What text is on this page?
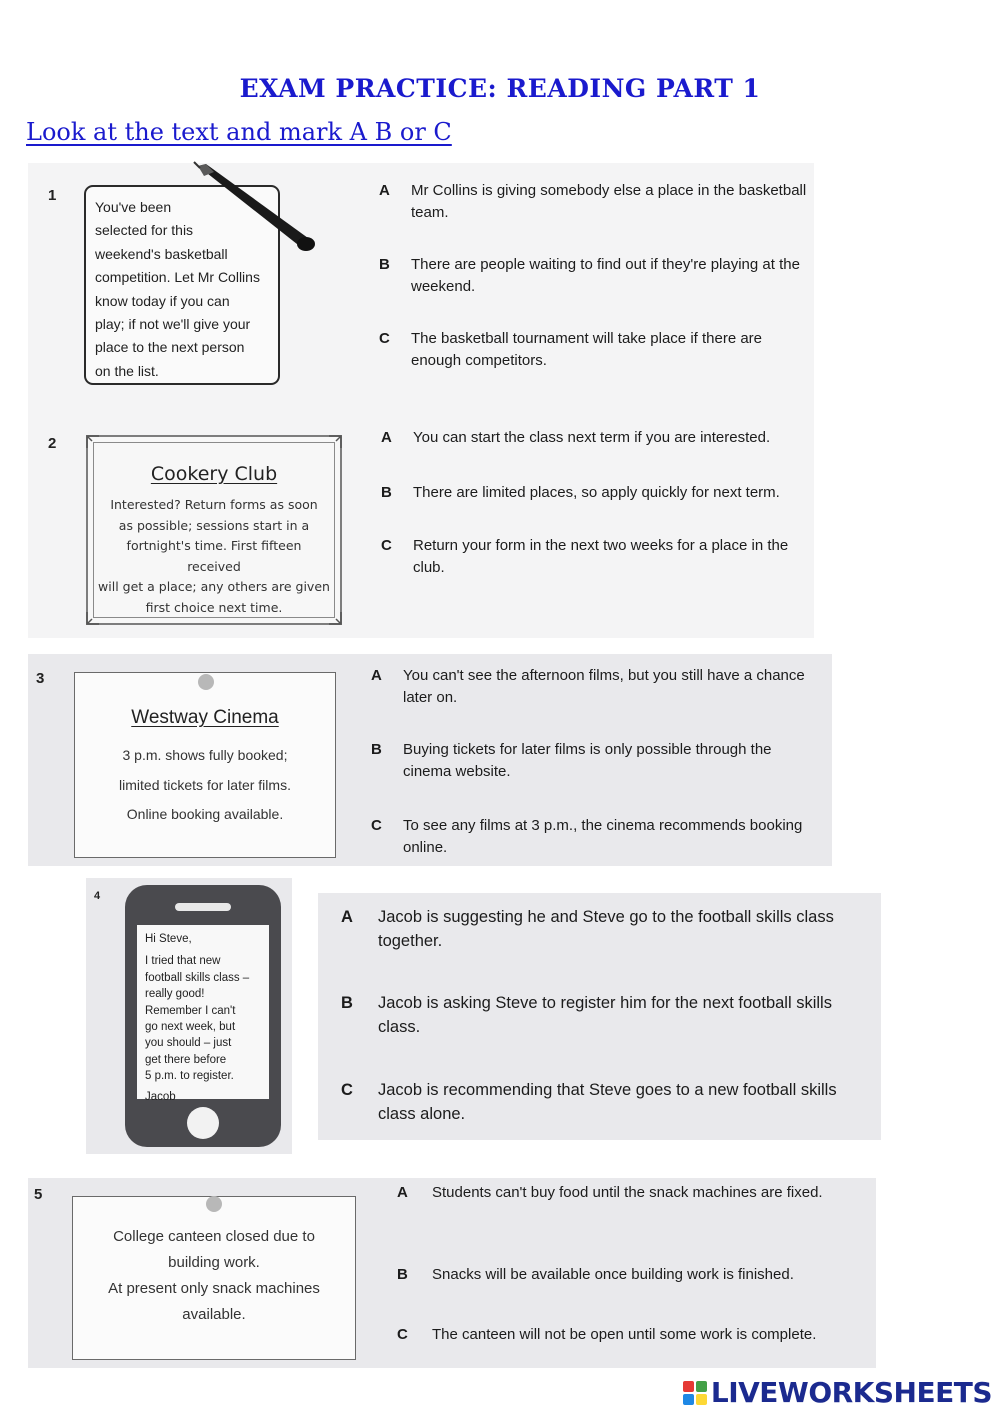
EXAM PRACTICE: READING PART 1
Look at the text and mark A B or C
1
You've been
selected for this
weekend's basketball
competition. Let Mr Collins
know today if you can
play; if not we'll give your
place to the next person
on the list.
A	Mr Collins is giving somebody else a place in the basketball team.
B	There are people waiting to find out if they're playing at the weekend.
C	The basketball tournament will take place if there are enough competitors.
2
Cookery Club
Interested? Return forms as soon
as possible; sessions start in a
fortnight's time. First fifteen received
will get a place; any others are given
first choice next time.
A	You can start the class next term if you are interested.
B	There are limited places, so apply quickly for next term.
C	Return your form in the next two weeks for a place in the club.
3
Westway Cinema
3 p.m. shows fully booked;
limited tickets for later films.
Online booking available.
A	You can't see the afternoon films, but you still have a chance later on.
B	Buying tickets for later films is only possible through the cinema website.
C	To see any films at 3 p.m., the cinema recommends booking online.
4
Hi Steve,
I tried that new
football skills class –
really good!
Remember I can't
go next week, but
you should – just
get there before
5 p.m. to register.
Jacob
A	Jacob is suggesting he and Steve go to the football skills class together.
B	Jacob is asking Steve to register him for the next football skills class.
C	Jacob is recommending that Steve goes to a new football skills class alone.
5
College canteen closed due to
building work.
At present only snack machines
available.
A	Students can't buy food until the snack machines are fixed.
B	Snacks will be available once building work is finished.
C	The canteen will not be open until some work is complete.
LIVEWORKSHEETS
